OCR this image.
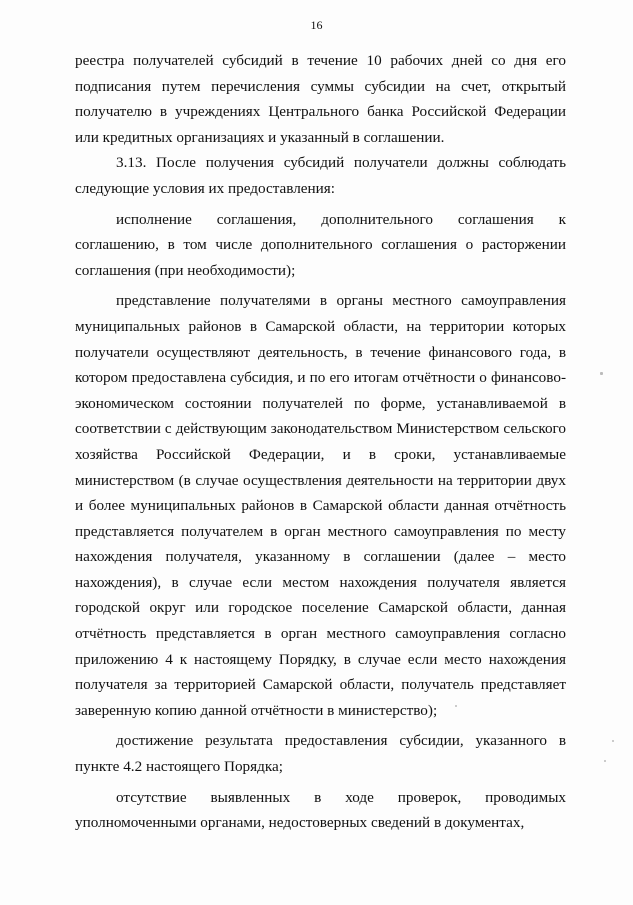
16

реестра получателей субсидий в течение 10 рабочих дней со дня его подписания путем перечисления суммы субсидии на счет, открытый получателю в учреждениях Центрального банка Российской Федерации или кредитных организациях и указанный в соглашении.

3.13. После получения субсидий получатели должны соблюдать следующие условия их предоставления:

исполнение соглашения, дополнительного соглашения к соглашению, в том числе дополнительного соглашения о расторжении соглашения (при необходимости);

представление получателями в органы местного самоуправления муниципальных районов в Самарской области, на территории которых получатели осуществляют деятельность, в течение финансового года, в котором предоставлена субсидия, и по его итогам отчётности о финансово-экономическом состоянии получателей по форме, устанавливаемой в соответствии с действующим законодательством Министерством сельского хозяйства Российской Федерации, и в сроки, устанавливаемые министерством (в случае осуществления деятельности на территории двух и более муниципальных районов в Самарской области данная отчётность представляется получателем в орган местного самоуправления по месту нахождения получателя, указанному в соглашении (далее – место нахождения), в случае если местом нахождения получателя является городской округ или городское поселение Самарской области, данная отчётность представляется в орган местного самоуправления согласно приложению 4 к настоящему Порядку, в случае если место нахождения получателя за территорией Самарской области, получатель представляет заверенную копию данной отчётности в министерство);

достижение результата предоставления субсидии, указанного в пункте 4.2 настоящего Порядка;

отсутствие выявленных в ходе проверок, проводимых уполномоченными органами, недостоверных сведений в документах,
